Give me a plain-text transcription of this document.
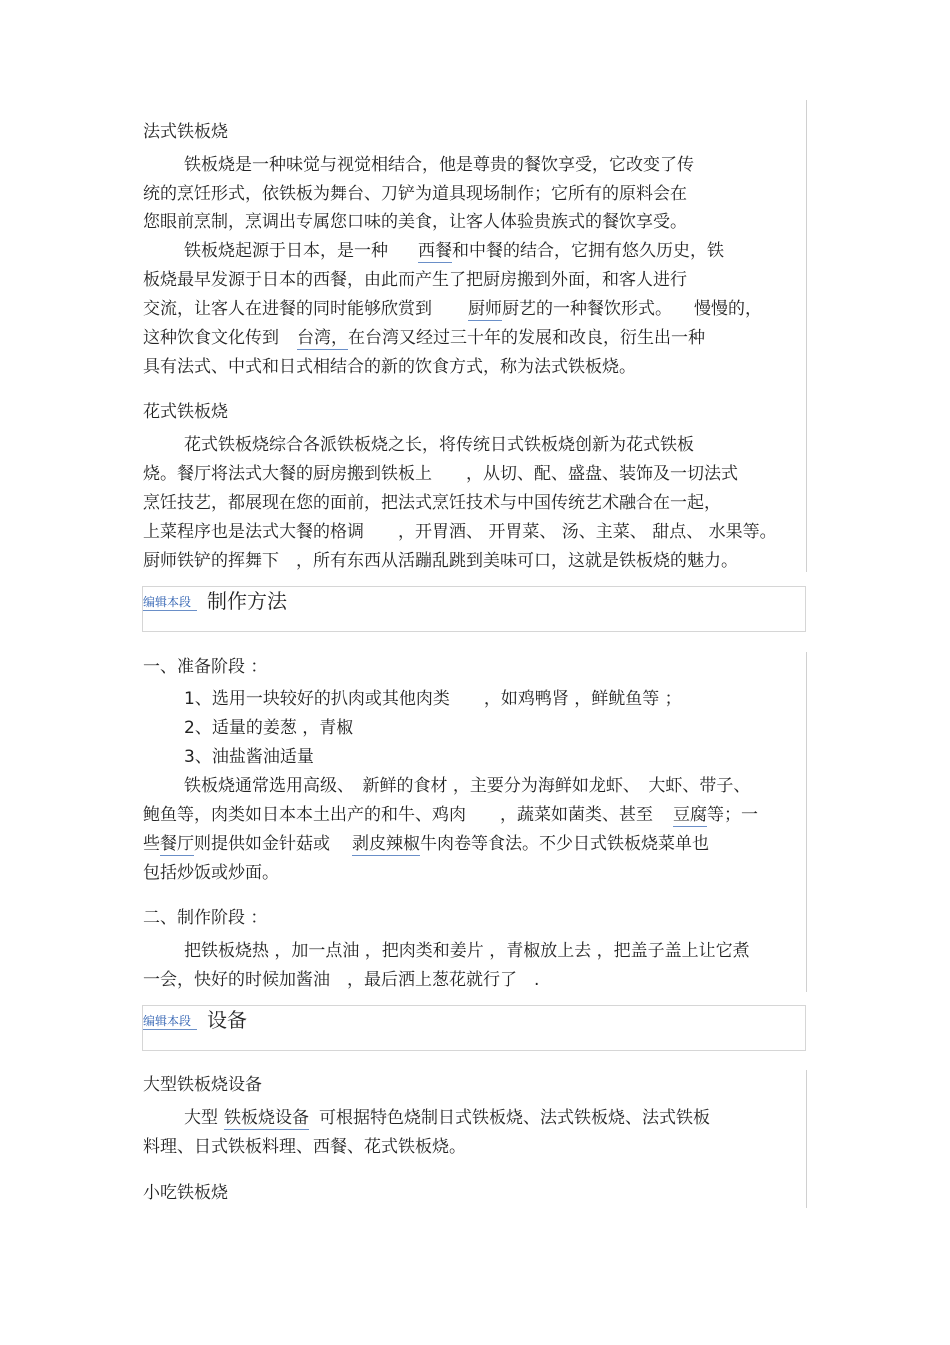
法式铁板烧
铁板烧是一种味觉与视觉相结合，他是尊贵的餐饮享受，它改变了传
统的烹饪形式，依铁板为舞台、刀铲为道具现场制作；它所有的原料会在
您眼前烹制，烹调出专属您口味的美食，让客人体验贵族式的餐饮享受。
铁板烧起源于日本，是一种 西餐和中餐的结合，它拥有悠久历史，铁
板烧最早发源于日本的西餐，由此而产生了把厨房搬到外面，和客人进行
交流，让客人在进餐的同时能够欣赏到 厨师厨艺的一种餐饮形式。 慢慢的，
这种饮食文化传到 台湾，在台湾又经过三十年的发展和改良，衍生出一种
具有法式、中式和日式相结合的新的饮食方式，称为法式铁板烧。
花式铁板烧
花式铁板烧综合各派铁板烧之长，将传统日式铁板烧创新为花式铁板
烧。餐厅将法式大餐的厨房搬到铁板上　　，从切、配、盛盘、装饰及一切法式
烹饪技艺，都展现在您的面前，把法式烹饪技术与中国传统艺术融合在一起，
上菜程序也是法式大餐的格调　　，开胃酒、 开胃菜、 汤、主菜、 甜点、 水果等。
厨师铁铲的挥舞下　，所有东西从活蹦乱跳到美味可口，这就是铁板烧的魅力。
编辑本段 制作方法
一、准备阶段 ：
1、选用一块较好的扒肉或其他肉类　　，如鸡鸭肾 ，鲜鱿鱼等 ；
2、适量的姜葱 ，青椒
3、油盐酱油适量
铁板烧通常选用高级、　新鲜的食材 ，主要分为海鲜如龙虾、　大虾、带子、
鲍鱼等，肉类如日本本土出产的和牛、鸡肉　　，蔬菜如菌类、甚至 豆腐等；一
些餐厅则提供如金针菇或 剥皮辣椒牛肉卷等食法。不少日式铁板烧菜单也
包括炒饭或炒面。
二、制作阶段 ：
把铁板烧热 ，加一点油 ，把肉类和姜片 ，青椒放上去 ，把盖子盖上让它煮
一会，快好的时候加酱油　，最后洒上葱花就行了　.
编辑本段 设备
大型铁板烧设备
大型 铁板烧设备 可根据特色烧制日式铁板烧、法式铁板烧、法式铁板
料理、日式铁板料理、西餐、花式铁板烧。
小吃铁板烧
